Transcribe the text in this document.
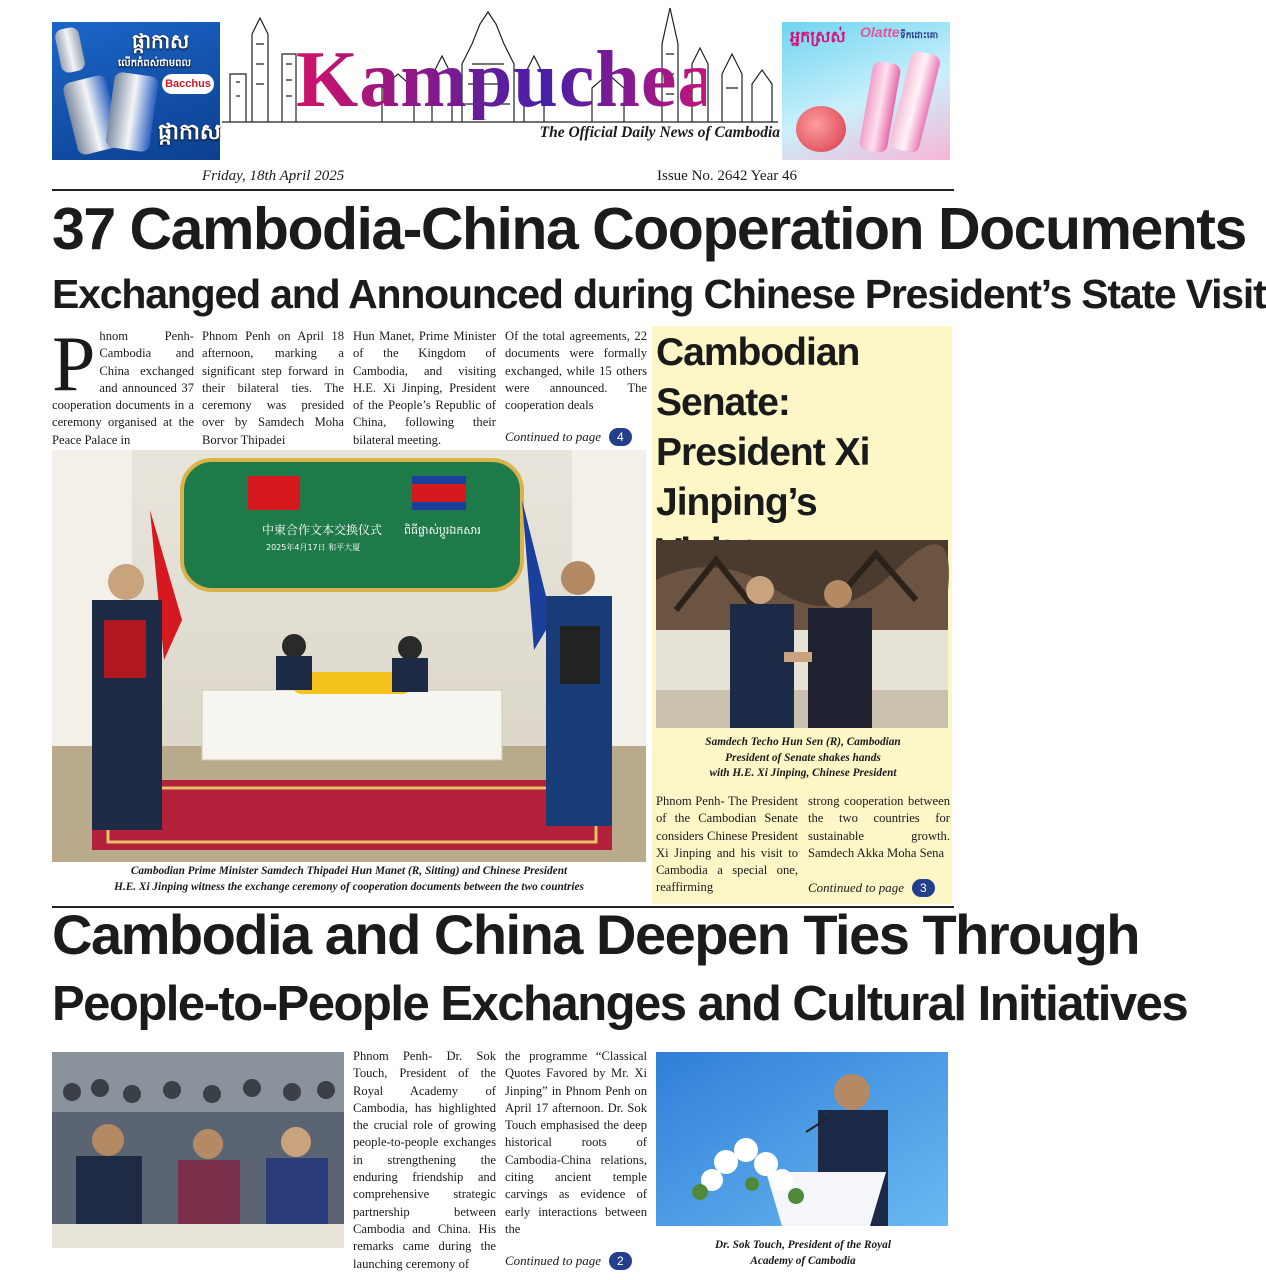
ផ្កាកាស
លើកកំពស់ថាមពល
Bacchus
ផ្កាកាស
Kampuchea
The Official Daily News of Cambodia
អ្នកស្រស់ Olatte ទឹកដោះគោ
Friday, 18th April 2025	Issue No. 2642 Year 46
37 Cambodia-China Cooperation Documents
Exchanged and Announced during Chinese President’s State Visit
Phnom Penh- Cambodia and China exchanged and announced 37 cooperation documents in a ceremony organised at the Peace Palace in
Phnom Penh on April 18 afternoon, marking a significant step forward in their bilateral ties. The ceremony was presided over by Samdech Moha Borvor Thipadei
Hun Manet, Prime Minister of the Kingdom of Cambodia, and visiting H.E. Xi Jinping, President of the People’s Republic of China, following their bilateral meeting.
Of the total agreements, 22 documents were formally exchanged, while 15 others were announced. The cooperation deals
Continued to page 4
中柬合作文本交换仪式
2025年4月17日 和平大厦
ពិធីផ្លាស់ប្តូរឯកសារ
Cambodian Prime Minister Samdech Thipadei Hun Manet (R, Sitting) and Chinese President
H.E. Xi Jinping witness the exchange ceremony of cooperation documents between the two countries
Cambodian Senate:
President Xi Jinping’s
Samdech Techo Hun Sen (R), Cambodian
President of Senate shakes hands
with H.E. Xi Jinping, Chinese President
Phnom Penh- The President of the Cambodian Senate considers Chinese President Xi Jinping and his visit to Cambodia a special one, reaffirming
strong cooperation between the two countries for sustainable growth. Samdech Akka Moha Sena
Continued to page 3
Cambodia and China Deepen Ties Through
People-to-People Exchanges and Cultural Initiatives
Phnom Penh- Dr. Sok Touch, President of the Royal Academy of Cambodia, has highlighted the crucial role of growing people-to-people exchanges in strengthening the enduring friendship and comprehensive strategic partnership between Cambodia and China. His remarks came during the launching ceremony of
the programme “Classical Quotes Favored by Mr. Xi Jinping” in Phnom Penh on April 17 afternoon. Dr. Sok Touch emphasised the deep historical roots of Cambodia-China relations, citing ancient temple carvings as evidence of early interactions between the
Continued to page 2
Dr. Sok Touch, President of the Royal
Academy of Cambodia
